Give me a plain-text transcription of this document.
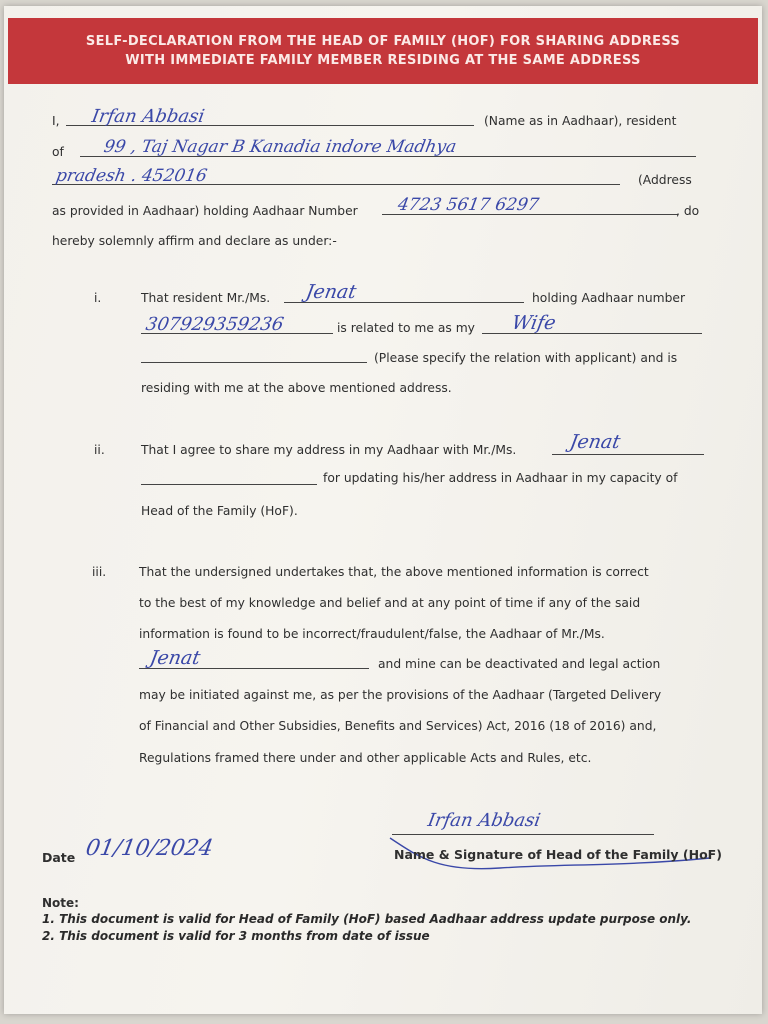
SELF-DECLARATION FROM THE HEAD OF FAMILY (HOF) FOR SHARING ADDRESS
WITH IMMEDIATE FAMILY MEMBER RESIDING AT THE SAME ADDRESS
I, Irfan Abbasi	(Name as in Aadhaar), resident
of 99 , Taj Nagar B Kanadia indore Madhya
pradesh . 452016	(Address
as provided in Aadhaar) holding Aadhaar Number 4723 5617 6297	, do
hereby solemnly affirm and declare as under:-
i.	That resident Mr./Ms. Jenat	holding Aadhaar number
307929359236	is related to me as my Wife
(Please specify the relation with applicant) and is
residing with me at the above mentioned address.
ii.	That I agree to share my address in my Aadhaar with Mr./Ms.	Jenat
for updating his/her address in Aadhaar in my capacity of
Head of the Family (HoF).
iii.	That the undersigned undertakes that, the above mentioned information is correct
to the best of my knowledge and belief and at any point of time if any of the said
information is found to be incorrect/fraudulent/false, the Aadhaar of Mr./Ms.
Jenat	and mine can be deactivated and legal action
may be initiated against me, as per the provisions of the Aadhaar (Targeted Delivery
of Financial and Other Subsidies, Benefits and Services) Act, 2016 (18 of 2016) and,
Regulations framed there under and other applicable Acts and Rules, etc.
Date 01/10/2024
Irfan Abbasi
Name & Signature of Head of the Family (HoF)
Note:
1. This document is valid for Head of Family (HoF) based Aadhaar address update purpose only.
2. This document is valid for 3 months from date of issue
